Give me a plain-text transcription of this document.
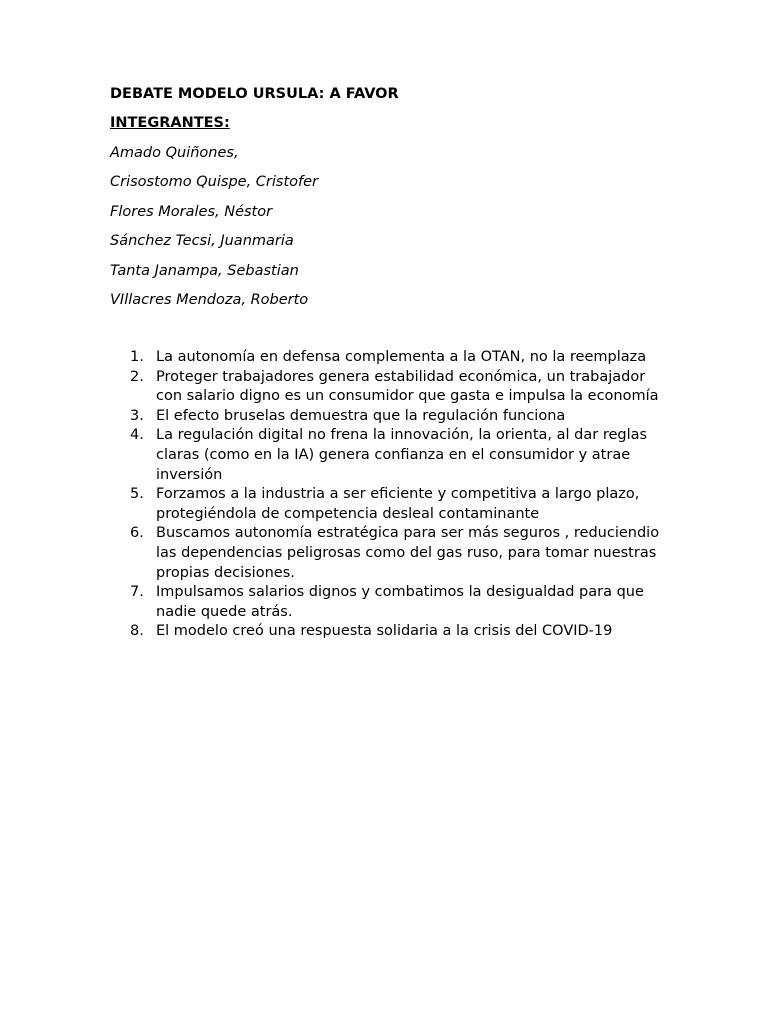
DEBATE MODELO URSULA: A FAVOR
INTEGRANTES:
Amado Quiñones,
Crisostomo Quispe, Cristofer
Flores Morales, Néstor
Sánchez Tecsi, Juanmaria
Tanta Janampa, Sebastian
VIllacres Mendoza, Roberto
1. La autonomía en defensa complementa a la OTAN, no la reemplaza
2. Proteger trabajadores genera estabilidad económica, un trabajador con salario digno es un consumidor que gasta e impulsa la economía
3. El efecto bruselas demuestra que la regulación funciona
4. La regulación digital no frena la innovación, la orienta, al dar reglas claras (como en la IA) genera confianza en el consumidor y atrae inversión
5. Forzamos a la industria a ser eficiente y competitiva a largo plazo, protegiéndola de competencia desleal contaminante
6. Buscamos autonomía estratégica para ser más seguros , reduciendio las dependencias peligrosas como del gas ruso, para tomar nuestras propias decisiones.
7. Impulsamos salarios dignos y combatimos la desigualdad para que nadie quede atrás.
8. El modelo creó una respuesta solidaria a la crisis del COVID-19
